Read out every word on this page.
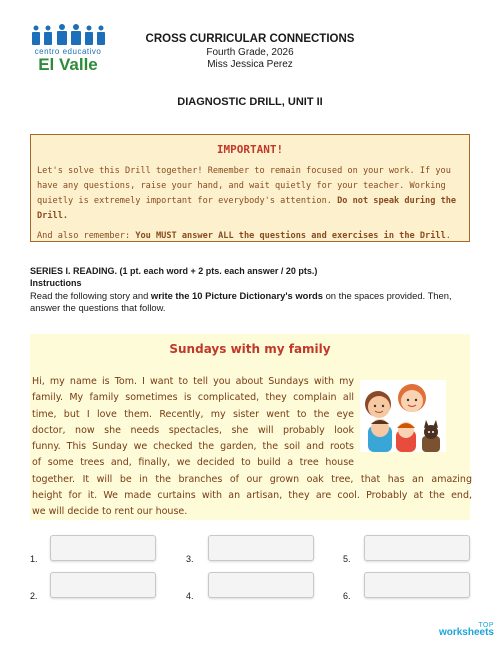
centro educativo
El Valle
CROSS CURRICULAR CONNECTIONS
Fourth Grade, 2026
Miss Jessica Perez
DIAGNOSTIC DRILL, UNIT II
IMPORTANT!
Let's solve this Drill together! Remember to remain focused on your work. If you have any questions, raise your hand, and wait quietly for your teacher. Working quietly is extremely important for everybody's attention. Do not speak during the Drill.
And also remember: You MUST answer ALL the questions and exercises in the Drill.
SERIES I. READING. (1 pt. each word + 2 pts. each answer / 20 pts.)
Instructions
Read the following story and write the 10 Picture Dictionary's words on the spaces provided. Then, answer the questions that follow.
Sundays with my family
Hi, my name is Tom. I want to tell you about Sundays with my
family. My family sometimes is complicated, they complain all
time, but I love them. Recently, my sister went to the eye
doctor, now she needs spectacles, she will probably look
funny. This Sunday we checked the garden, the soil and roots
of some trees and, finally, we decided to build a tree house
together. It will be in the branches of our grown oak tree, that has an amazing
height for it. We made curtains with an artisan, they are cool. Probably at the end,
we will decide to rent our house.
1.	3.	5.
2.	4.	6.
TOP
worksheets
